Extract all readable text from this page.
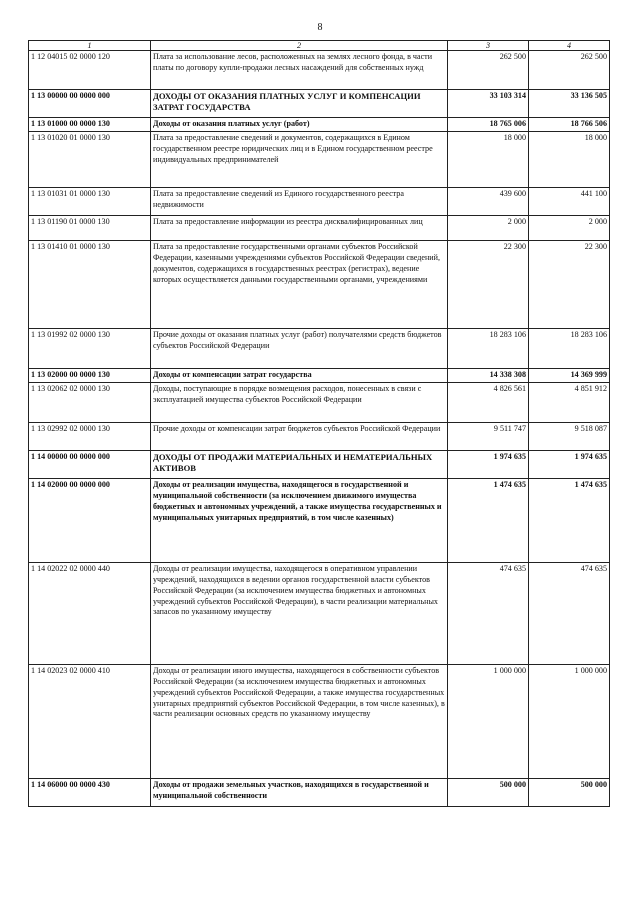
8
1	2	3	4
1 12 04015 02 0000 120	Плата за использование лесов, расположенных на землях лесного фонда, в части платы по договору купли-продажи лесных насаждений для собственных нужд	262 500	262 500
1 13 00000 00 0000 000	ДОХОДЫ ОТ ОКАЗАНИЯ ПЛАТНЫХ УСЛУГ И КОМПЕНСАЦИИ ЗАТРАТ ГОСУДАРСТВА	33 103 314	33 136 505
1 13 01000 00 0000 130	Доходы от оказания платных услуг (работ)	18 765 006	18 766 506
1 13 01020 01 0000 130	Плата за предоставление сведений и документов, содержащихся в Едином государственном реестре юридических лиц и в Едином государственном реестре индивидуальных предпринимателей	18 000	18 000
1 13 01031 01 0000 130	Плата за предоставление сведений из Единого государственного реестра недвижимости	439 600	441 100
1 13 01190 01 0000 130	Плата за предоставление информации из реестра дисквалифицированных лиц	2 000	2 000
1 13 01410 01 0000 130	Плата за предоставление государственными органами субъектов Российской Федерации, казенными учреждениями субъектов Российской Федерации сведений, документов, содержащихся в государственных реестрах (регистрах), ведение которых осуществляется данными государственными органами, учреждениями	22 300	22 300
1 13 01992 02 0000 130	Прочие доходы от оказания платных услуг (работ) получателями средств бюджетов субъектов Российской Федерации	18 283 106	18 283 106
1 13 02000 00 0000 130	Доходы от компенсации затрат государства	14 338 308	14 369 999
1 13 02062 02 0000 130	Доходы, поступающие в порядке возмещения расходов, понесенных в связи с эксплуатацией имущества субъектов Российской Федерации	4 826 561	4 851 912
1 13 02992 02 0000 130	Прочие доходы от компенсации затрат бюджетов субъектов Российской Федерации	9 511 747	9 518 087
1 14 00000 00 0000 000	ДОХОДЫ ОТ ПРОДАЖИ МАТЕРИАЛЬНЫХ И НЕМАТЕРИАЛЬНЫХ АКТИВОВ	1 974 635	1 974 635
1 14 02000 00 0000 000	Доходы от реализации имущества, находящегося в государственной и муниципальной собственности (за исключением движимого имущества бюджетных и автономных учреждений, а также имущества государственных и муниципальных унитарных предприятий, в том числе казенных)	1 474 635	1 474 635
1 14 02022 02 0000 440	Доходы от реализации имущества, находящегося в оперативном управлении учреждений, находящихся в ведении органов государственной власти субъектов Российской Федерации (за исключением имущества бюджетных и автономных учреждений субъектов Российской Федерации), в части реализации материальных запасов по указанному имуществу	474 635	474 635
1 14 02023 02 0000 410	Доходы от реализации иного имущества, находящегося в собственности субъектов Российской Федерации (за исключением имущества бюджетных и автономных учреждений субъектов Российской Федерации, а также имущества государственных унитарных предприятий субъектов Российской Федерации, в том числе казенных), в части реализации основных средств по указанному имуществу	1 000 000	1 000 000
1 14 06000 00 0000 430	Доходы от продажи земельных участков, находящихся в государственной и муниципальной собственности	500 000	500 000
